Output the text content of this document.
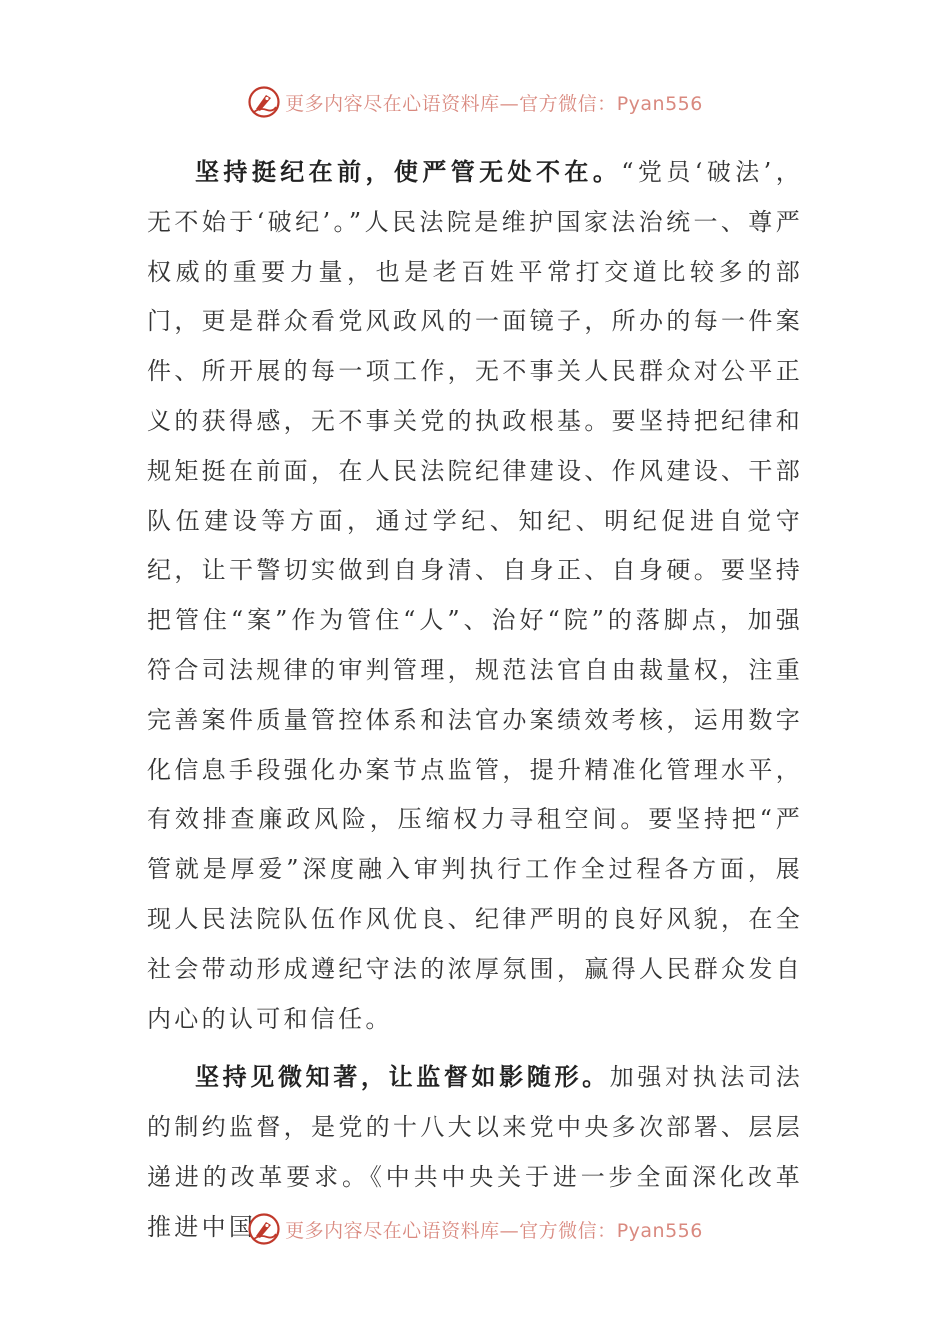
更多内容尽在心语资料库—官方微信：Pyan556

坚持挺纪在前，使严管无处不在。“党员‘破法’，无不始于‘破纪’。”人民法院是维护国家法治统一、尊严权威的重要力量，也是老百姓平常打交道比较多的部门，更是群众看党风政风的一面镜子，所办的每一件案件、所开展的每一项工作，无不事关人民群众对公平正义的获得感，无不事关党的执政根基。要坚持把纪律和规矩挺在前面，在人民法院纪律建设、作风建设、干部队伍建设等方面，通过学纪、知纪、明纪促进自觉守纪，让干警切实做到自身清、自身正、自身硬。要坚持把管住“案”作为管住“人”、治好“院”的落脚点，加强符合司法规律的审判管理，规范法官自由裁量权，注重完善案件质量管控体系和法官办案绩效考核，运用数字化信息手段强化办案节点监管，提升精准化管理水平，有效排查廉政风险，压缩权力寻租空间。要坚持把“严管就是厚爱”深度融入审判执行工作全过程各方面，展现人民法院队伍作风优良、纪律严明的良好风貌，在全社会带动形成遵纪守法的浓厚氛围，赢得人民群众发自内心的认可和信任。

坚持见微知著，让监督如影随形。加强对执法司法的制约监督，是党的十八大以来党中央多次部署、层层递进的改革要求。《中共中央关于进一步全面深化改革推进中国	更多内容尽在心语资料库—官方微信：Pyan556
